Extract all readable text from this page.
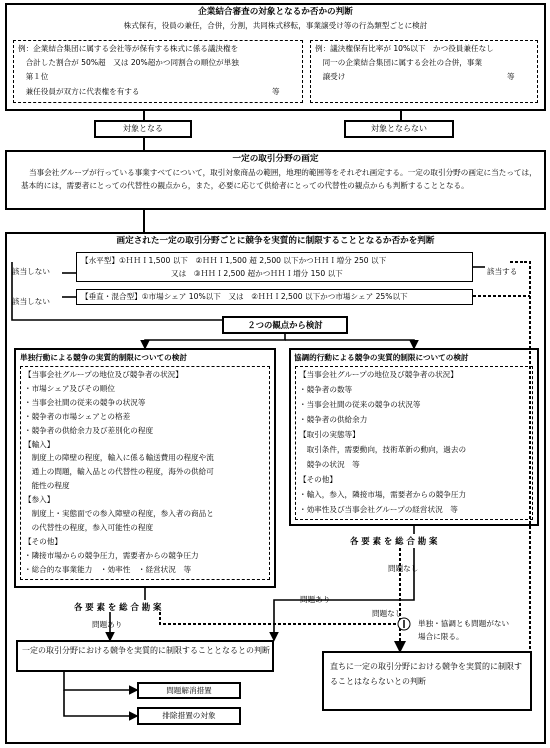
企業結合審査の対象となるか否かの判断
株式保有，役員の兼任，合併，分割，共同株式移転，事業譲受け等の行為類型ごとに検討
例：企業結合集団に属する会社等が保有する株式に係る議決権を
　合計した割合が 50%超　又は 20%超かつ同割合の順位が単独
　第１位
　兼任役員が双方に代表権を有する	等
例：議決権保有比率が 10%以下　かつ役員兼任なし
　同一の企業結合集団に属する会社の合併，事業
　譲受け	等
対象となる	対象とならない
一定の取引分野の画定
当事会社グループが行っている事業すべてについて，取引対象商品の範囲，地理的範囲等をそれぞれ画定する。一定の取引分野の画定に当たっては，基本的には，需要者にとっての代替性の観点から，また，必要に応じて供給者にとっての代替性の観点からも判断することとなる。
画定された一定の取引分野ごとに競争を実質的に制限することとなるか否かを判断
該当しない
【水平型】①ＨＨＩ1,500 以下　②ＨＨＩ1,500 超 2,500 以下かつＨＨＩ増分 250 以下
又は　③ＨＨＩ2,500 超かつＨＨＩ増分 150 以下	該当する
該当しない
【垂直・混合型】①市場シェア 10%以下　又は　②ＨＨＩ2,500 以下かつ市場シェア 25%以下
２つの観点から検討
単独行動による競争の実質的制限についての検討
【当事会社グループの地位及び競争者の状況】
・市場シェア及びその順位
・当事会社間の従来の競争の状況等
・競争者の市場シェアとの格差
・競争者の供給余力及び差別化の程度
【輸入】
　制度上の障壁の程度，輸入に係る輸送費用の程度や流
　通上の問題，輸入品との代替性の程度，海外の供給可
　能性の程度
【参入】
　制度上・実態面での参入障壁の程度，参入者の商品と
　の代替性の程度，参入可能性の程度
【その他】
・隣接市場からの競争圧力，需要者からの競争圧力
・総合的な事業能力　・効率性　・経営状況　等
協調的行動による競争の実質的制限についての検討
【当事会社グループの地位及び競争者の状況】
・競争者の数等
・当事会社間の従来の競争の状況等
・競争者の供給余力
【取引の実態等】
　取引条件，需要動向，技術革新の動向，過去の
　競争の状況　等
【その他】
・輸入，参入，隣接市場，需要者からの競争圧力
・効率性及び当事会社グループの経営状況　等
各 要 素 を 総 合 勘 案
問題なし
問題あり
各 要 素 を 総 合 勘 案
問題あり
問題なし
単独・協調とも問題がない
場合に限る。
一定の取引分野における競争を実質的に制限することとなるとの判断
問題解消措置
排除措置の対象
直ちに一定の取引分野における競争を実質的に制限することはならないとの判断
